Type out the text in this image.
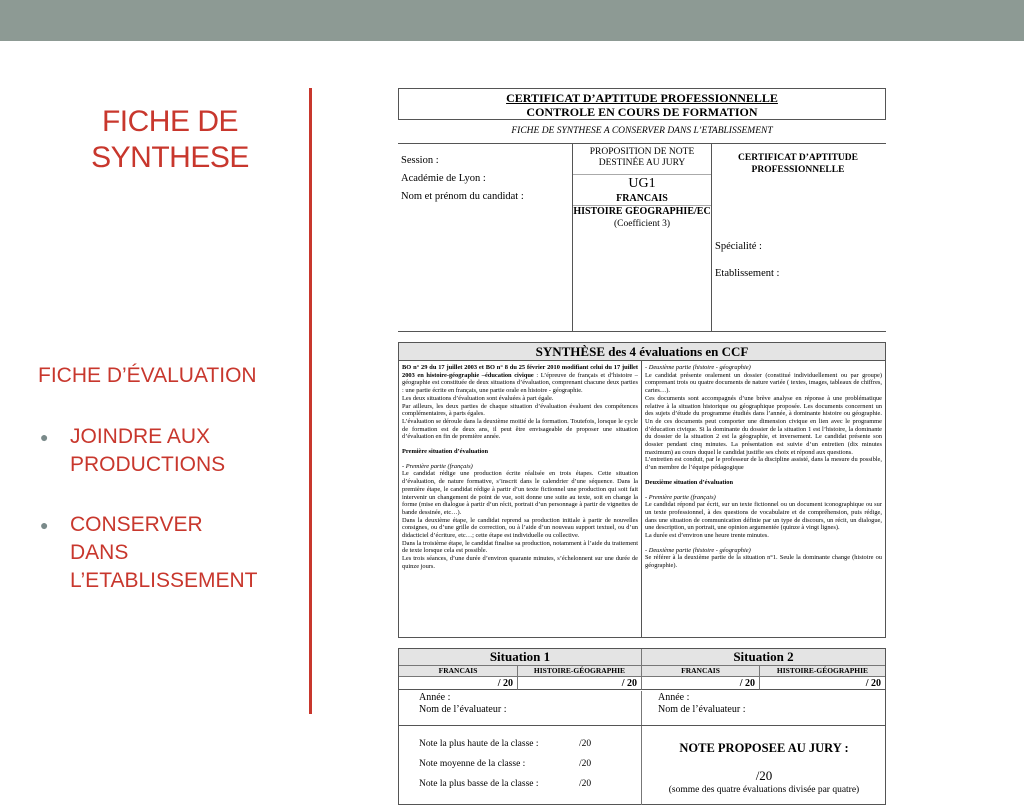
FICHE DE
SYNTHESE
FICHE D’ÉVALUATION
● JOINDRE AUX
PRODUCTIONS
● CONSERVER
DANS
L’ETABLISSEMENT
CERTIFICAT D’APTITUDE PROFESSIONNELLE
CONTROLE EN COURS DE FORMATION
FICHE DE SYNTHESE A CONSERVER DANS L’ETABLISSEMENT
Session :
Académie de Lyon :
Nom et prénom du candidat :
PROPOSITION DE NOTE DESTINÉE AU JURY
UG1
FRANCAIS
HISTOIRE GÉOGRAPHIE/EC
(Coefficient 3)
CERTIFICAT D’APTITUDE PROFESSIONNELLE
Spécialité :
Etablissement :
SYNTHÈSE des 4 évaluations en CCF

BO n° 29 du 17 juillet 2003 et BO n° 8 du 25 février 2010 modifiant celui du 17 juillet 2003 en histoire-géographie –éducation civique : L’épreuve de français et d’histoire – géographie est constituée de deux situations d’évaluation, comprenant chacune deux parties : une partie écrite en français, une partie orale en histoire - géographie.

Les deux situations d’évaluation sont évaluées à part égale.

Par ailleurs, les deux parties de chaque situation d’évaluation évaluent des compétences complémentaires, à parts égales.

L’évaluation se déroule dans la deuxième moitié de la formation. Toutefois, lorsque le cycle de formation est de deux ans, il peut être envisageable de proposer une situation d’évaluation en fin de première année.

Première situation d’évaluation

- Première partie (français)

Le candidat rédige une production écrite réalisée en trois étapes. Cette situation d’évaluation, de nature formative, s’inscrit dans le calendrier d’une séquence. Dans la première étape, le candidat rédige à partir d’un texte fictionnel une production qui soit fait intervenir un changement de point de vue, soit donne une suite au texte, soit en change la forme (mise en dialogue à partir d’un récit, portrait d’un personnage à partir de vignettes de bande dessinée, etc…).

Dans la deuxième étape, le candidat reprend sa production initiale à partir de nouvelles consignes, ou d’une grille de correction, ou à l’aide d’un nouveau support textuel, ou d’un didacticiel d’écriture, etc…; cette étape est individuelle ou collective.

Dans la troisième étape, le candidat finalise sa production, notamment à l’aide du traitement de texte lorsque cela est possible.

Les trois séances, d’une durée d’environ quarante minutes, s’échelonnent sur une durée de quinze jours.

- Deuxième partie (histoire - géographie)

Le candidat présente oralement un dossier (constitué individuellement ou par groupe) comprenant trois ou quatre documents de nature variée ( textes, images, tableaux de chiffres, cartes…).

Ces documents sont accompagnés d’une brève analyse en réponse à une problématique relative à la situation historique ou géographique proposée. Les documents concernent un des sujets d’étude du programme étudiés dans l’année, à dominante histoire ou géographie. Un de ces documents peut comporter une dimension civique en lien avec le programme d’éducation civique. Si la dominante du dossier de la situation 1 est l’histoire, la dominante du dossier de la situation 2 est la géographie, et inversement. Le candidat présente son dossier pendant cinq minutes. La présentation est suivie d’un entretien (dix minutes maximum) au cours duquel le candidat justifie ses choix et répond aux questions.

L’entretien est conduit, par le professeur de la discipline assisté, dans la mesure du possible, d’un membre de l’équipe pédagogique

Deuxième situation d’évaluation

- Première partie (français)

Le candidat répond par écrit, sur un texte fictionnel ou un document iconographique ou sur un texte professionnel, à des questions de vocabulaire et de compréhension, puis rédige, dans une situation de communication définie par un type de discours, un récit, un dialogue, une description, un portrait, une opinion argumentée (quinze à vingt lignes).

La durée est d’environ une heure trente minutes.

- Deuxième partie (histoire - géographie)

Se référer à la deuxième partie de la situation n°1. Seule la dominante change (histoire ou géographie).

Situation 1	Situation 2
FRANCAIS	HISTOIRE-GÉOGRAPHIE	FRANCAIS	HISTOIRE-GÉOGRAPHIE
/ 20	/ 20	/ 20	/ 20
Année :
Nom de l’évaluateur :
Année :
Nom de l’évaluateur :
Note la plus haute de la classe :	/20
Note moyenne de la classe :	/20
Note la plus basse de la classe :	/20
NOTE PROPOSEE AU JURY :
/20
(somme des quatre évaluations divisée par quatre)
